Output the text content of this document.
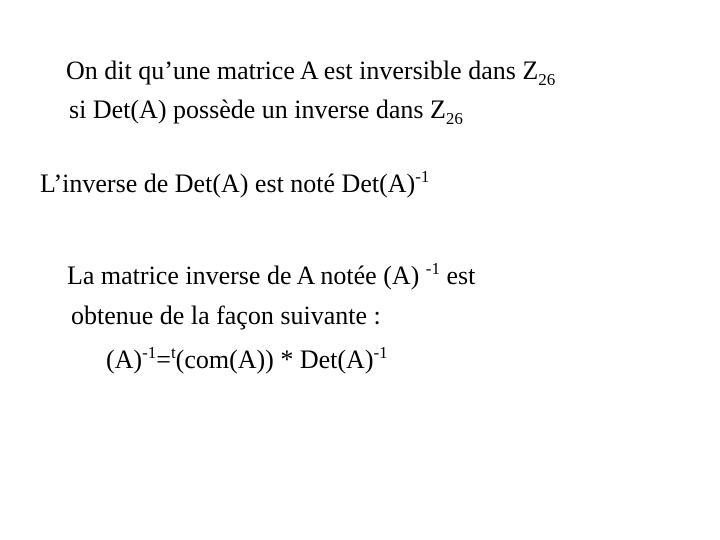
On dit qu’une matrice A est inversible dans $Z_{26}$
si Det(A) possède un inverse dans $Z_{26}$
L’inverse de Det(A) est noté $Det(A)^{-1}$
La matrice inverse de A notée (A) $^{-1}$ est
obtenue de la façon suivante :
$(A)^{-1}=^t(com(A)) * Det(A)^{-1}$
